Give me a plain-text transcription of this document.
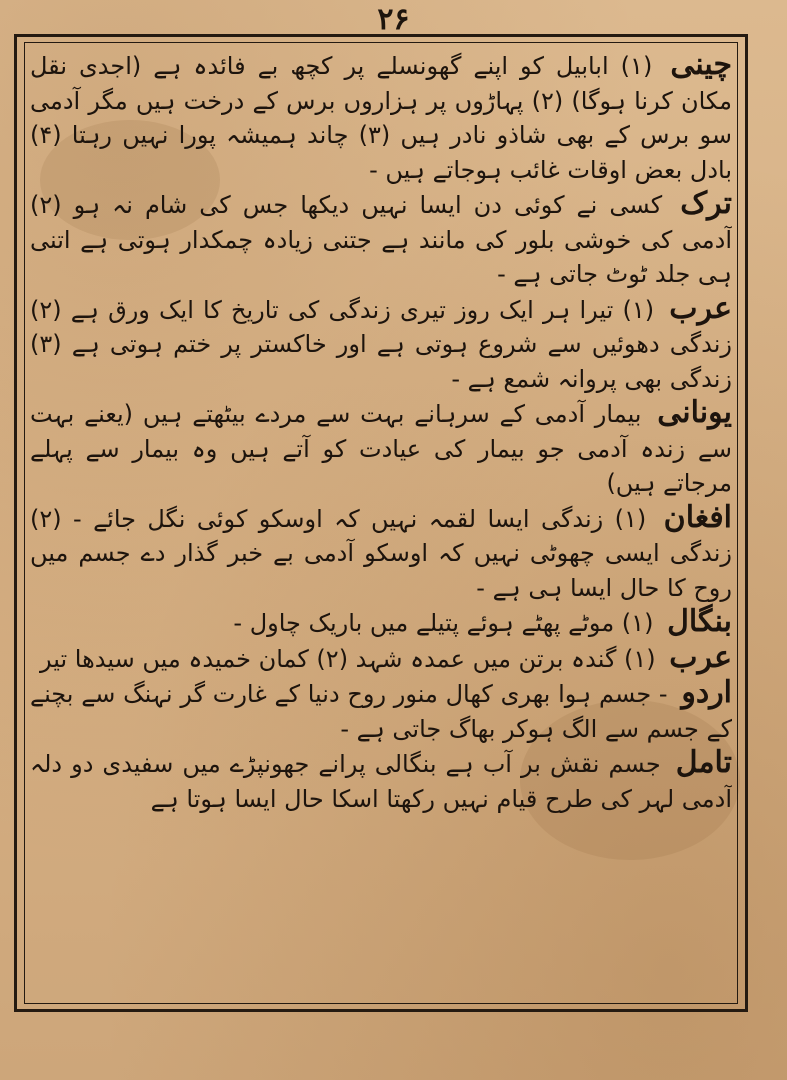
۲۶

چینی (۱) ابابیل کو اپنے گھونسلے پر کچھ بے فائدہ ہے (اجدی نقل مکان کرنا ہوگا) (۲) پہاڑوں پر ہزاروں برس کے درخت ہیں مگر آدمی سو برس کے بھی شاذو نادر ہیں (۳) چاند ہمیشہ پورا نہیں رہتا (۴) بادل بعض اوقات غائب ہوجاتے ہیں -

ترک کسی نے کوئی دن ایسا نہیں دیکھا جس کی شام نہ ہو (۲) آدمی کی خوشی بلور کی مانند ہے جتنی زیادہ چمکدار ہوتی ہے اتنی ہی جلد ٹوٹ جاتی ہے -

عرب (۱) تیرا ہر ایک روز تیری زندگی کی تاریخ کا ایک ورق ہے (۲) زندگی دھوئیں سے شروع ہوتی ہے اور خاکستر پر ختم ہوتی ہے (۳) زندگی بھی پروانہ شمع ہے -

یونانی بیمار آدمی کے سرہانے بہت سے مردے بیٹھتے ہیں (یعنے بہت سے زندہ آدمی جو بیمار کی عیادت کو آتے ہیں وہ بیمار سے پہلے مرجاتے ہیں)

افغان (۱) زندگی ایسا لقمہ نہیں کہ اوسکو کوئی نگل جائے - (۲) زندگی ایسی چھوٹی نہیں کہ اوسکو آدمی بے خبر گذار دے جسم میں روح کا حال ایسا ہی ہے -

بنگال (۱) موٹے پھٹے ہوئے پتیلے میں باریک چاول -

عرب (۱) گندہ برتن میں عمدہ شہد (۲) کمان خمیدہ میں سیدھا تیر

اردو - جسم ہوا بھری کھال منور روح دنیا کے غارت گر نہنگ سے بچنے کے جسم سے الگ ہوکر بھاگ جاتی ہے -

تامل جسم نقش بر آب ہے بنگالی پرانے جھونپڑے میں سفیدی دو دلہ آدمی لہر کی طرح قیام نہیں رکھتا اسکا حال ایسا ہوتا ہے
